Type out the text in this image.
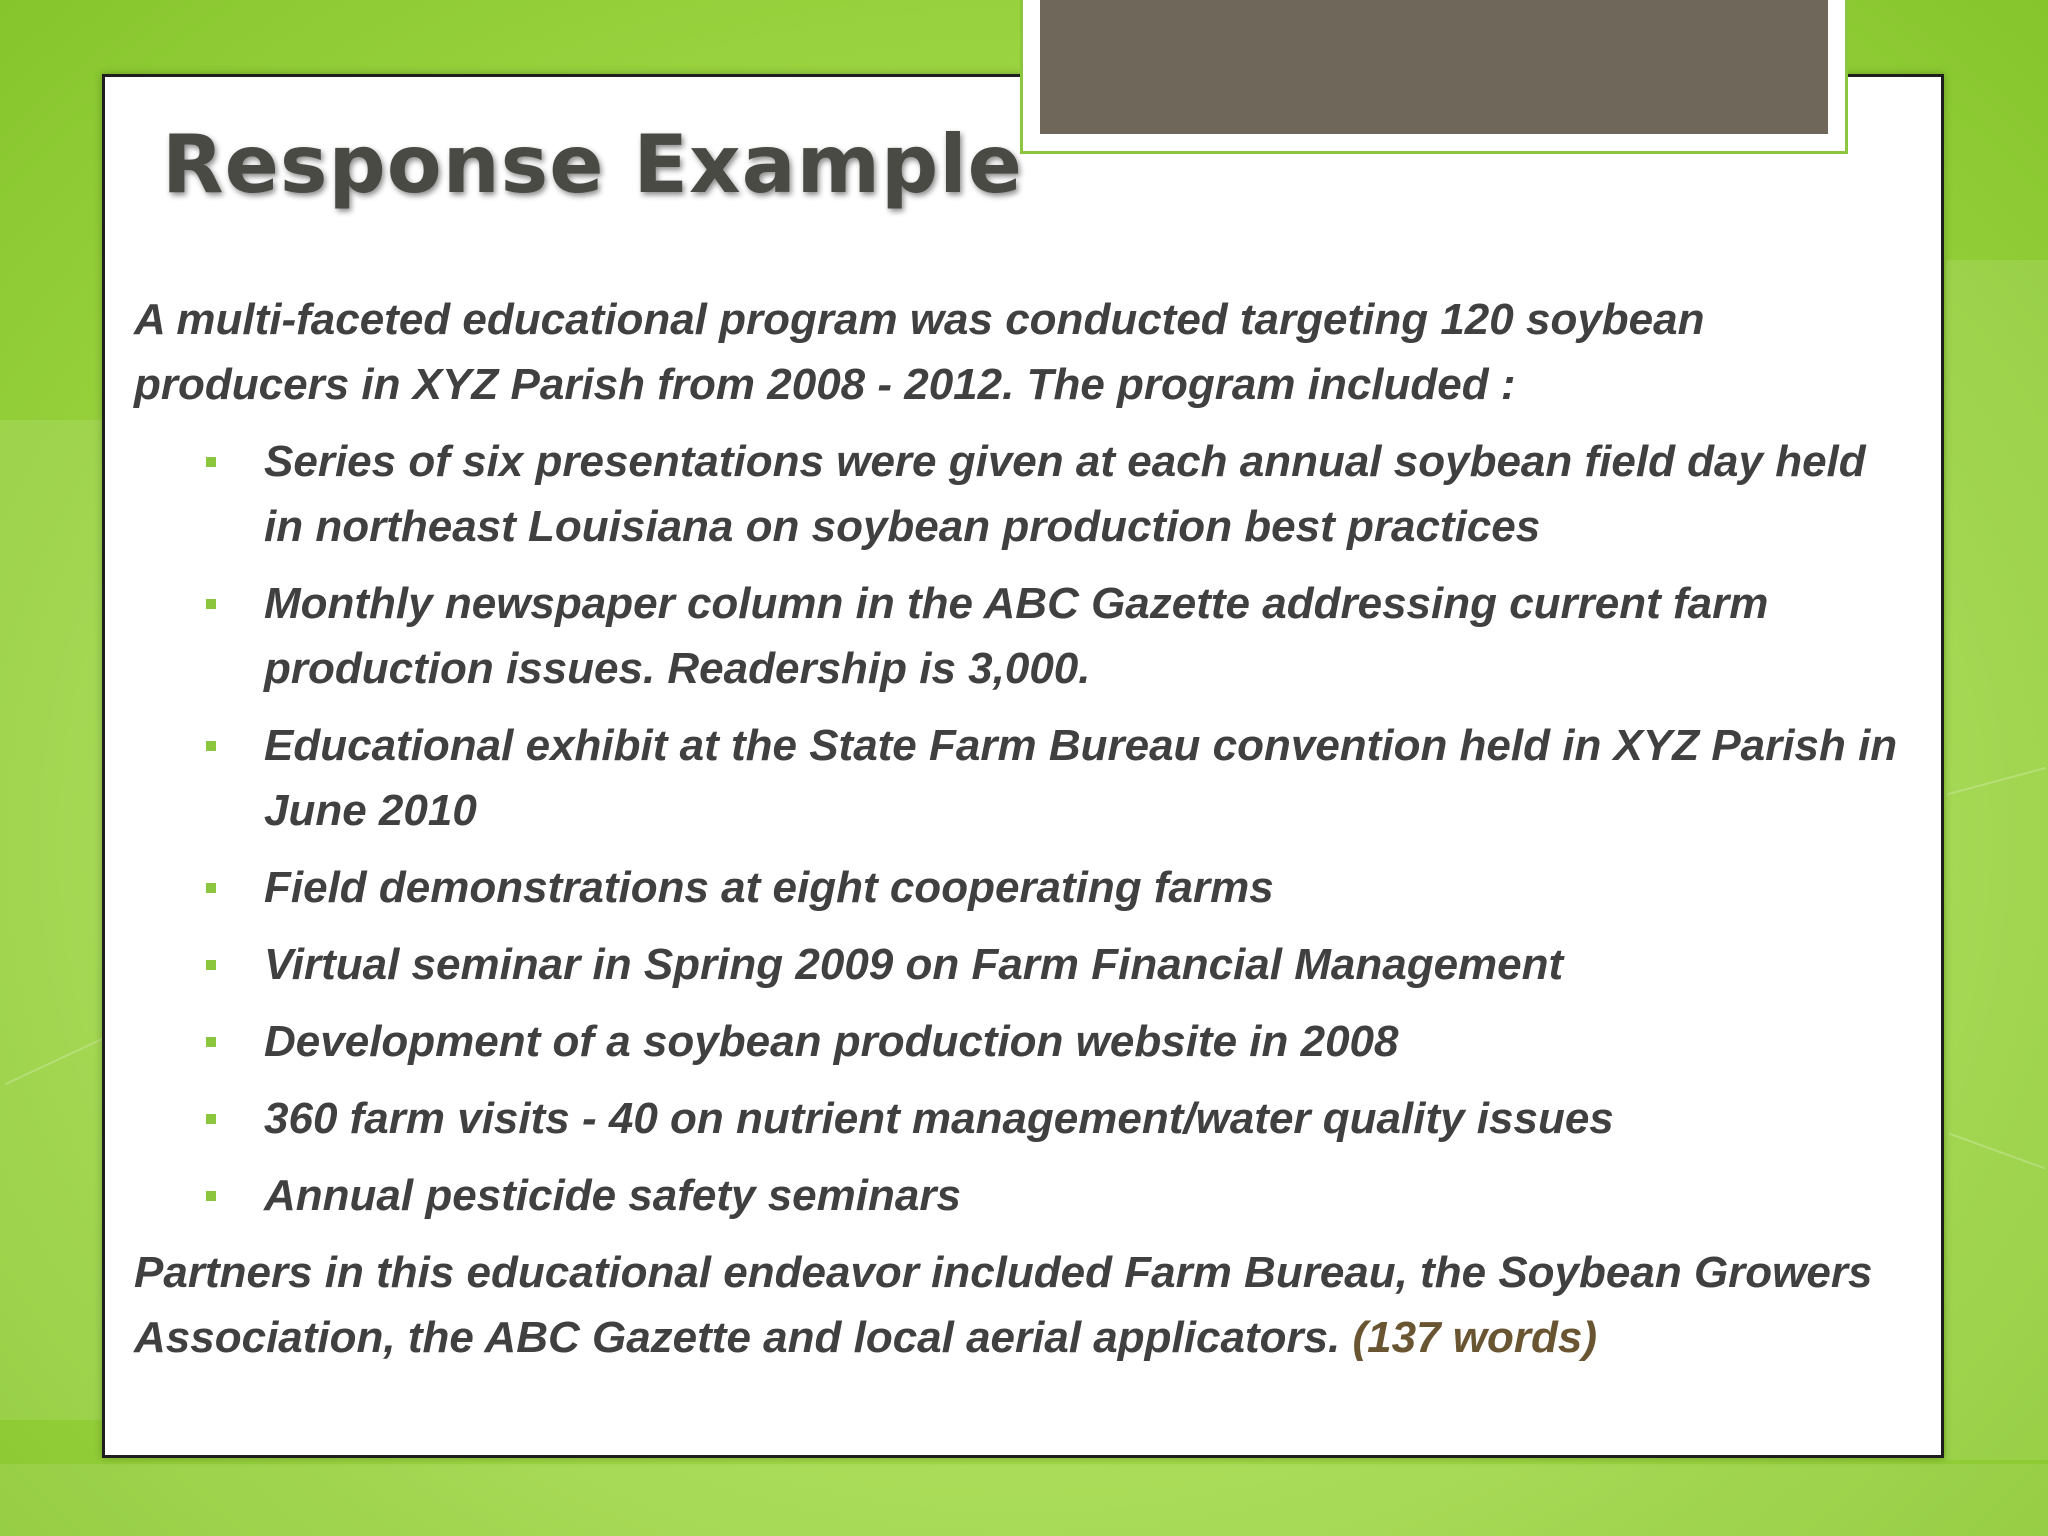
Response Example

A multi-faceted educational program was conducted targeting 120 soybean producers in XYZ Parish from 2008 - 2012. The program included :

Series of six presentations were given at each annual soybean field day held in northeast Louisiana on soybean production best practices
Monthly newspaper column in the ABC Gazette addressing current farm production issues. Readership is 3,000.
Educational exhibit at the State Farm Bureau convention held in XYZ Parish in June 2010
Field demonstrations at eight cooperating farms
Virtual seminar in Spring 2009 on Farm Financial Management
Development of a soybean production website in 2008
360 farm visits - 40 on nutrient management/water quality issues
Annual pesticide safety seminars

Partners in this educational endeavor included Farm Bureau, the Soybean Growers Association, the ABC Gazette and local aerial applicators. (137 words)
